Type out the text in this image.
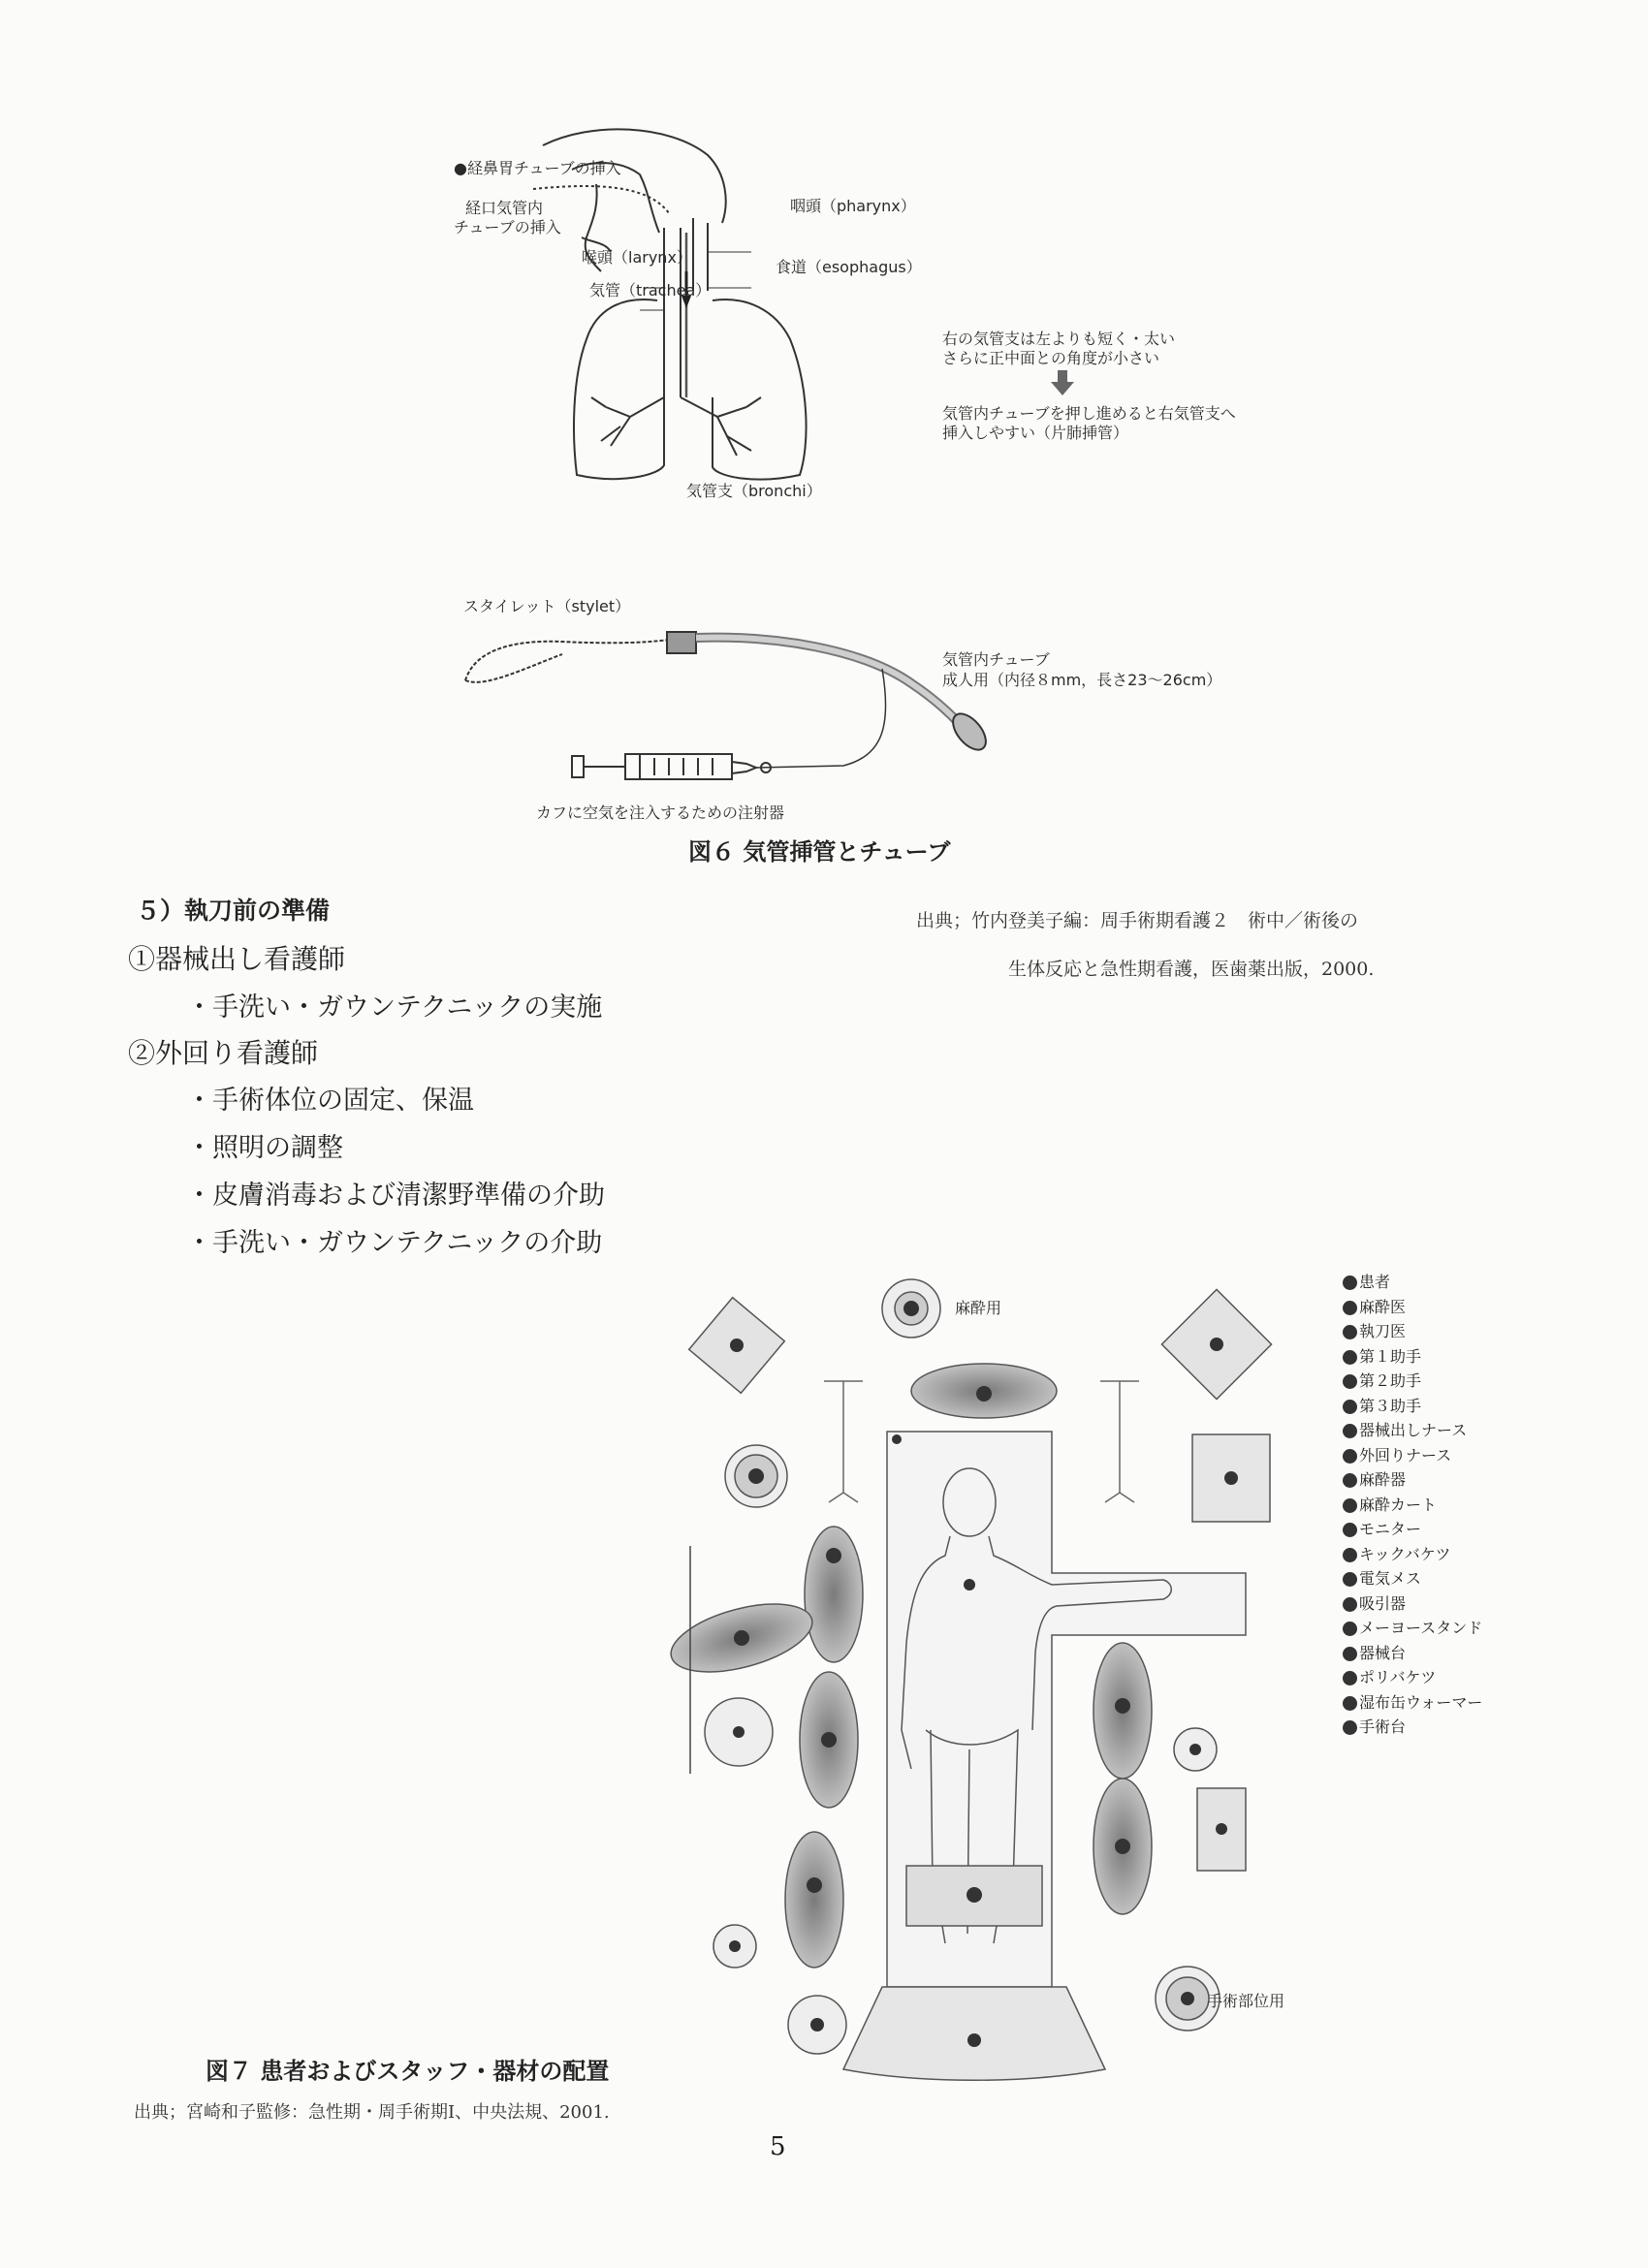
●経鼻胃チューブの挿入
経口気管内
チューブの挿入
咽頭（pharynx）
喉頭（larynx）
食道（esophagus）
気管（trachea）
気管支（bronchi）
右の気管支は左よりも短く・太い
さらに正中面との角度が小さい
気管内チューブを押し進めると右気管支へ
挿入しやすい（片肺挿管）
スタイレット（stylet）
気管内チューブ
成人用（内径８mm，長さ23〜26cm）
カフに空気を注入するための注射器
図６ 気管挿管とチューブ
出典；竹内登美子編：周手術期看護２　術中／術後の
生体反応と急性期看護，医歯薬出版，2000.
５）執刀前の準備
①器械出し看護師
・手洗い・ガウンテクニックの実施
②外回り看護師
・手術体位の固定、保温
・照明の調整
・皮膚消毒および清潔野準備の介助
・手洗い・ガウンテクニックの介助
麻酔用
手術部位用
患者
麻酔医
執刀医
第１助手
第２助手
第３助手
器械出しナース
外回りナース
麻酔器
麻酔カート
モニター
キックバケツ
電気メス
吸引器
メーヨースタンド
器械台
ポリバケツ
湿布缶ウォーマー
手術台
図７ 患者およびスタッフ・器材の配置
出典；宮崎和子監修：急性期・周手術期Ⅰ、中央法規、2001.
5
